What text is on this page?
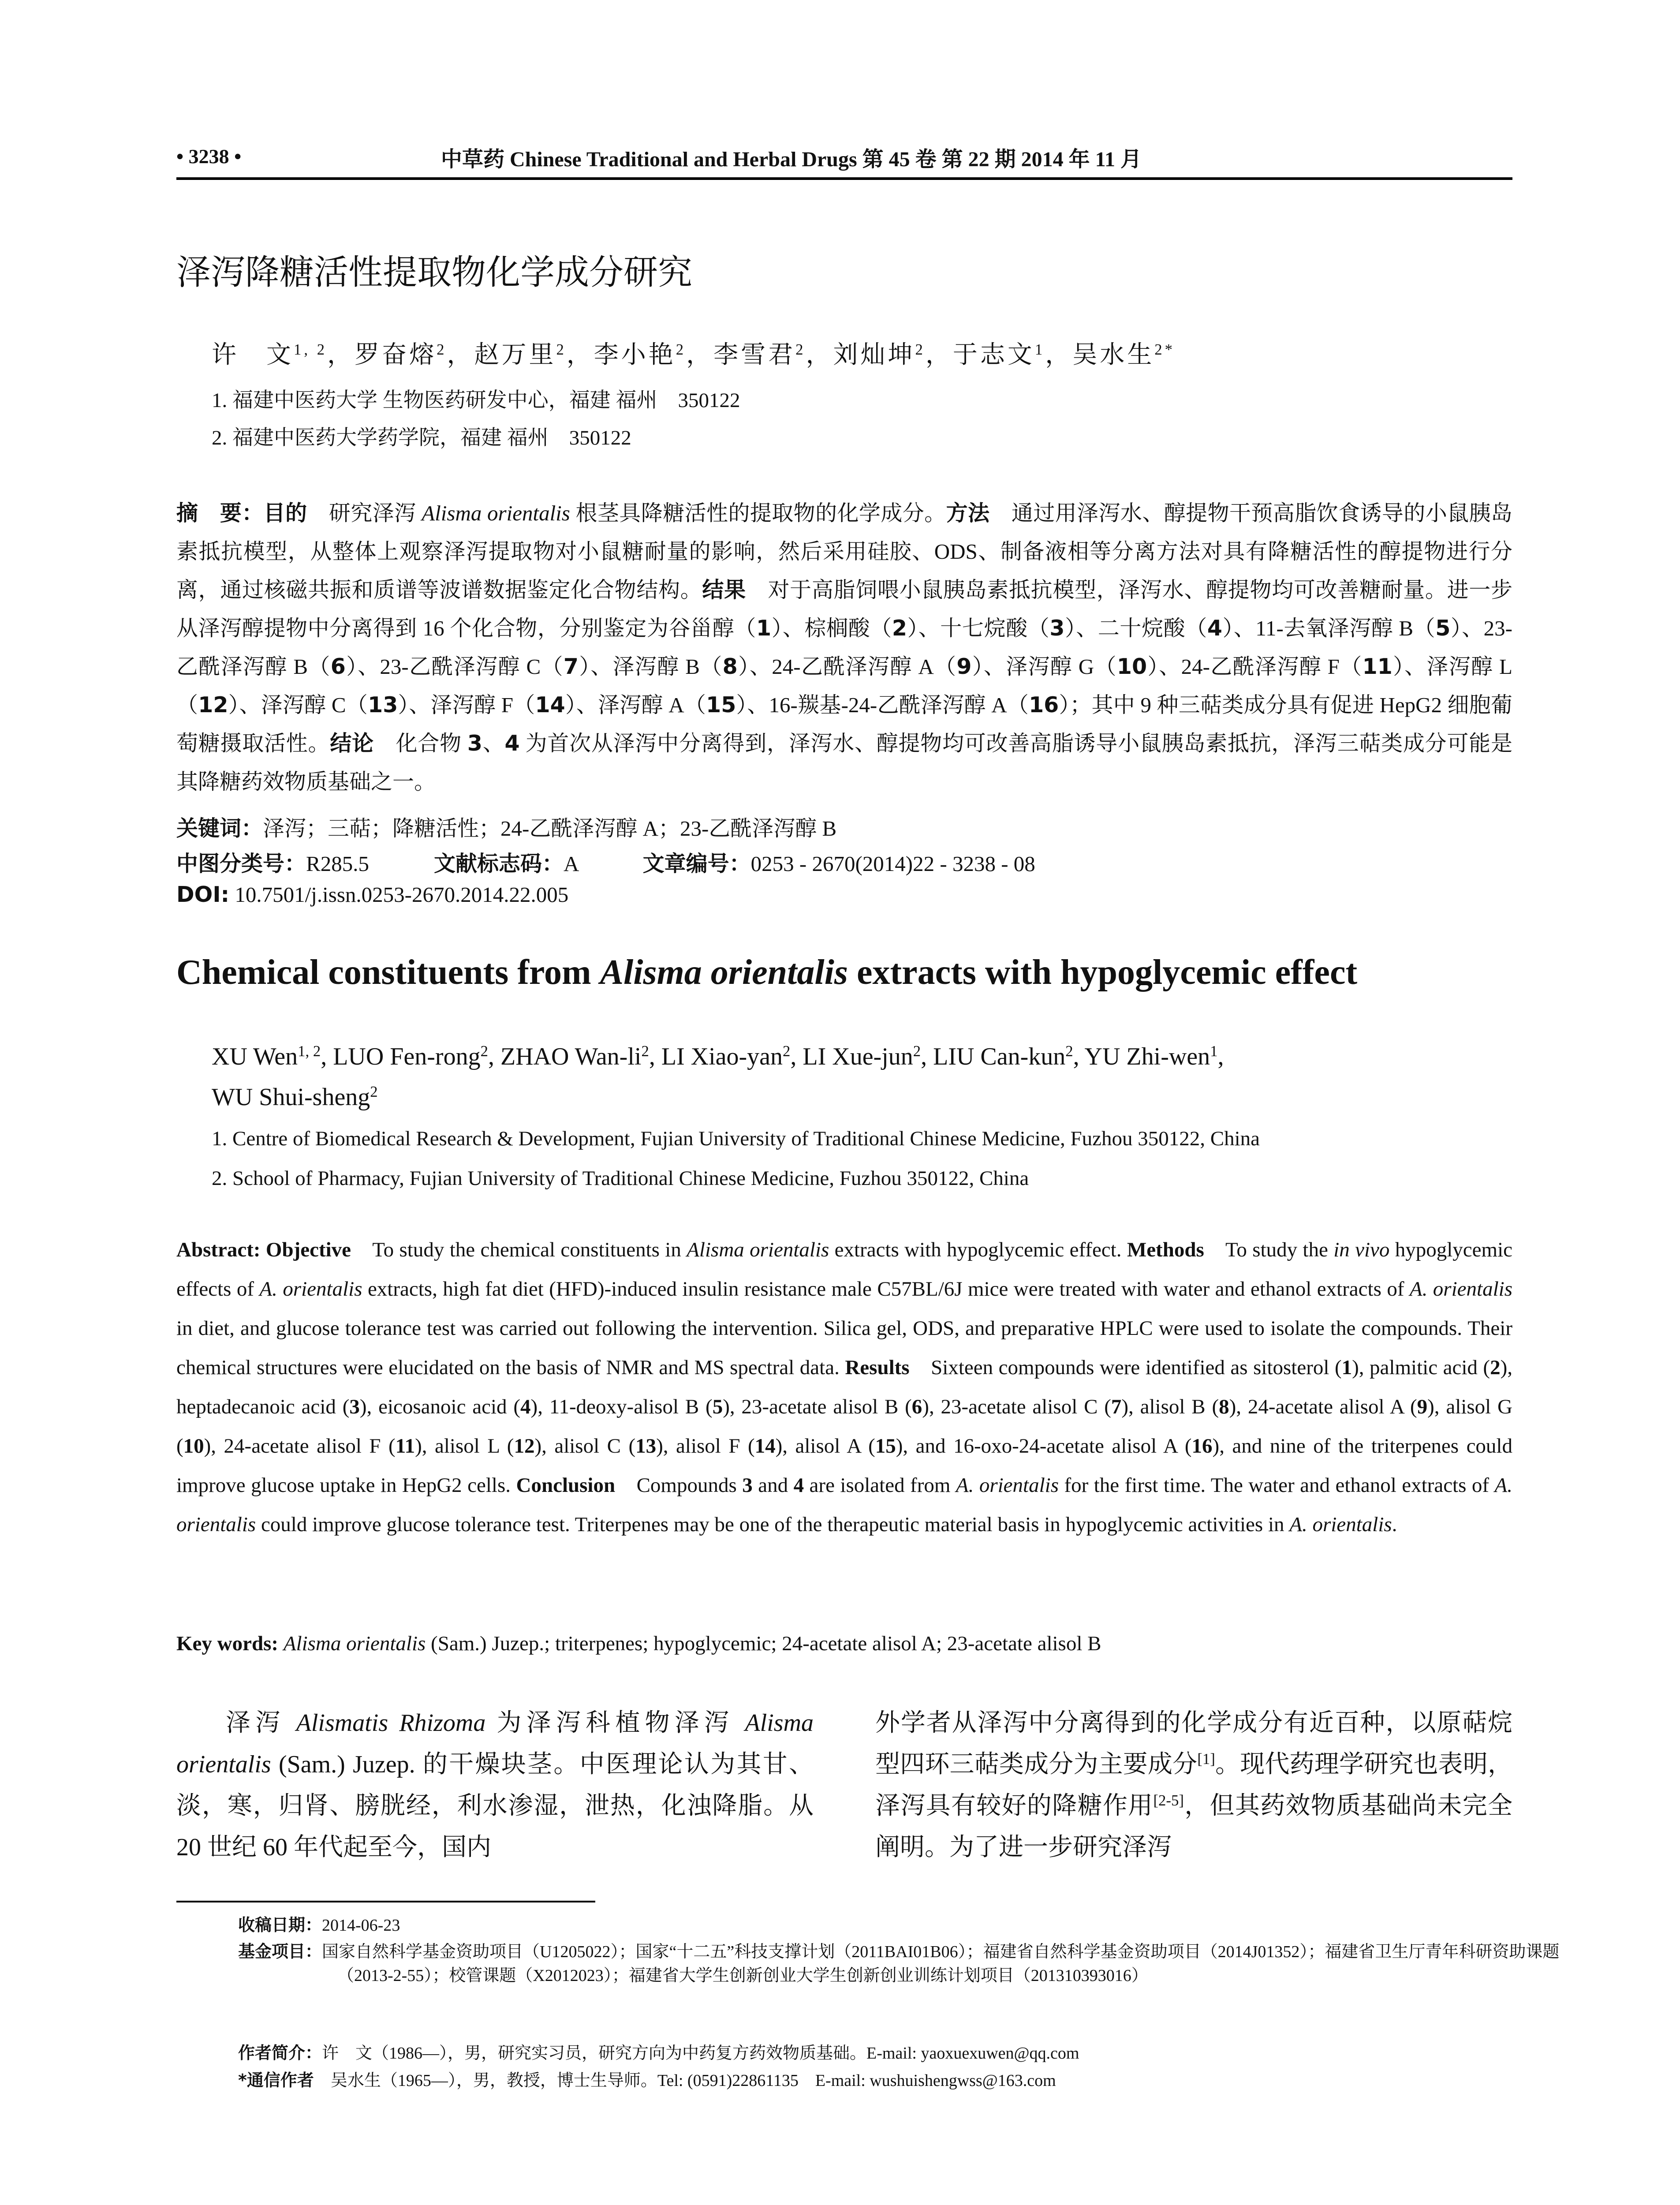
• 3238 •	中草药 Chinese Traditional and Herbal Drugs 第 45 卷 第 22 期 2014 年 11 月
泽泻降糖活性提取物化学成分研究
许　文$^{1, 2}$，罗奋熔$^2$，赵万里$^2$，李小艳$^2$，李雪君$^2$，刘灿坤$^2$，于志文$^1$，吴水生$^{2*}$
1. 福建中医药大学 生物医药研发中心，福建 福州　350122
2. 福建中医药大学药学院，福建 福州　350122
摘　要：目的　研究泽泻 Alisma orientalis 根茎具降糖活性的提取物的化学成分。方法　通过用泽泻水、醇提物干预高脂饮食诱导的小鼠胰岛素抵抗模型，从整体上观察泽泻提取物对小鼠糖耐量的影响，然后采用硅胶、ODS、制备液相等分离方法对具有降糖活性的醇提物进行分离，通过核磁共振和质谱等波谱数据鉴定化合物结构。结果　对于高脂饲喂小鼠胰岛素抵抗模型，泽泻水、醇提物均可改善糖耐量。进一步从泽泻醇提物中分离得到 16 个化合物，分别鉴定为谷甾醇（1）、棕榈酸（2）、十七烷酸（3）、二十烷酸（4）、11-去氧泽泻醇 B（5）、23-乙酰泽泻醇 B（6）、23-乙酰泽泻醇 C（7）、泽泻醇 B（8）、24-乙酰泽泻醇 A（9）、泽泻醇 G（10）、24-乙酰泽泻醇 F（11）、泽泻醇 L（12）、泽泻醇 C（13）、泽泻醇 F（14）、泽泻醇 A（15）、16-羰基-24-乙酰泽泻醇 A（16）；其中 9 种三萜类成分具有促进 HepG2 细胞葡萄糖摄取活性。结论　化合物 3、4 为首次从泽泻中分离得到，泽泻水、醇提物均可改善高脂诱导小鼠胰岛素抵抗，泽泻三萜类成分可能是其降糖药效物质基础之一。
关键词：泽泻；三萜；降糖活性；24-乙酰泽泻醇 A；23-乙酰泽泻醇 B
中图分类号：R285.5　　　文献标志码：A　　　文章编号：0253 - 2670(2014)22 - 3238 - 08
DOI: 10.7501/j.issn.0253-2670.2014.22.005
Chemical constituents from Alisma orientalis extracts with hypoglycemic effect
XU Wen$^{1, 2}$, LUO Fen-rong$^2$, ZHAO Wan-$li^2$, LI Xiao-yan$^2$, LI Xue-jun$^2$, LIU Can-kun$^2$, YU Zhi-wen$^1$,
WU Shui-sheng$^2$
1. Centre of Biomedical Research & Development, Fujian University of Traditional Chinese Medicine, Fuzhou 350122, China
2. School of Pharmacy, Fujian University of Traditional Chinese Medicine, Fuzhou 350122, China
Abstract: Objective　To study the chemical constituents in Alisma orientalis extracts with hypoglycemic effect. Methods　To study the in vivo hypoglycemic effects of A. orientalis extracts, high fat diet (HFD)-induced insulin resistance male C57BL/6J mice were treated with water and ethanol extracts of A. orientalis in diet, and glucose tolerance test was carried out following the intervention. Silica gel, ODS, and preparative HPLC were used to isolate the compounds. Their chemical structures were elucidated on the basis of NMR and MS spectral data. Results　Sixteen compounds were identified as sitosterol (1), palmitic acid (2), heptadecanoic acid (3), eicosanoic acid (4), 11-deoxy-alisol B (5), 23-acetate alisol B (6), 23-acetate alisol C (7), alisol B (8), 24-acetate alisol A (9), alisol G (10), 24-acetate alisol F (11), alisol L (12), alisol C (13), alisol F (14), alisol A (15), and 16-oxo-24-acetate alisol A (16), and nine of the triterpenes could improve glucose uptake in HepG2 cells. Conclusion　Compounds 3 and 4 are isolated from A. orientalis for the first time. The water and ethanol extracts of A. orientalis could improve glucose tolerance test. Triterpenes may be one of the therapeutic material basis in hypoglycemic activities in A. orientalis.
Key words: Alisma orientalis (Sam.) Juzep.; triterpenes; hypoglycemic; 24-acetate alisol A; 23-acetate alisol B

泽泻 Alismatis Rhizoma 为泽泻科植物泽泻 Alisma orientalis (Sam.) Juzep. 的干燥块茎。中医理论认为其甘、淡，寒，归肾、膀胱经，利水渗湿，泄热，化浊降脂。从 20 世纪 60 年代起至今，国内

外学者从泽泻中分离得到的化学成分有近百种，以原萜烷型四环三萜类成分为主要成分[1]。现代药理学研究也表明，泽泻具有较好的降糖作用[2-5]，但其药效物质基础尚未完全阐明。为了进一步研究泽泻

收稿日期：2014-06-23
基金项目：国家自然科学基金资助项目（U1205022）；国家“十二五”科技支撑计划（2011BAI01B06）；福建省自然科学基金资助项目（2014J01352）；福建省卫生厅青年科研资助课题（2013-2-55）；校管课题（X2012023）；福建省大学生创新创业大学生创新创业训练计划项目（201310393016）
作者简介：许　文（1986—），男，研究实习员，研究方向为中药复方药效物质基础。E-mail: yaoxuexuwen@qq.com
*通信作者　 吴水生（1965—），男，教授，博士生导师。Tel: (0591)22861135　E-mail: wushuishengwss@163.com
